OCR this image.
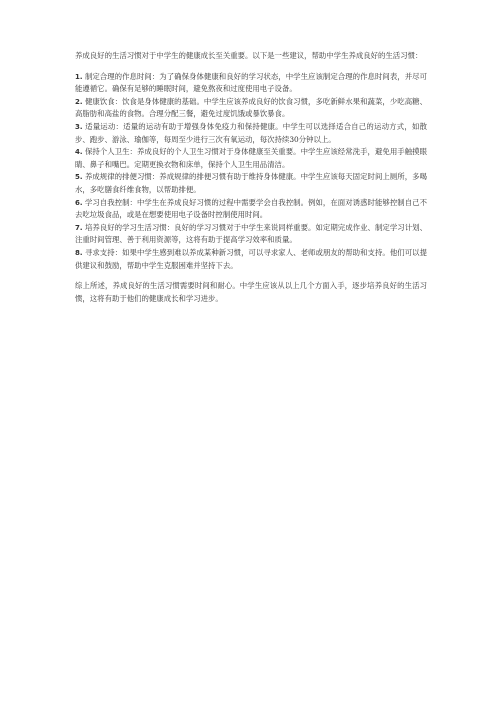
养成良好的生活习惯对于中学生的健康成长至关重要。以下是一些建议，帮助中学生养成良好的生活习惯：

1. 制定合理的作息时间：为了确保身体健康和良好的学习状态，中学生应该制定合理的作息时间表，并尽可能遵循它。确保有足够的睡眠时间，避免熬夜和过度使用电子设备。
2. 健康饮食：饮食是身体健康的基础。中学生应该养成良好的饮食习惯，多吃新鲜水果和蔬菜，少吃高糖、高脂肪和高盐的食物。合理分配三餐，避免过度饥饿或暴饮暴食。
3. 适量运动：适量的运动有助于增强身体免疫力和保持健康。中学生可以选择适合自己的运动方式，如散步、跑步、游泳、瑜伽等，每周至少进行三次有氧运动，每次持续30分钟以上。
4. 保持个人卫生：养成良好的个人卫生习惯对于身体健康至关重要。中学生应该经常洗手，避免用手触摸眼睛、鼻子和嘴巴。定期更换衣物和床单，保持个人卫生用品清洁。
5. 养成规律的排便习惯：养成规律的排便习惯有助于维持身体健康。中学生应该每天固定时间上厕所，多喝水，多吃膳食纤维食物，以帮助排便。
6. 学习自我控制：中学生在养成良好习惯的过程中需要学会自我控制。例如，在面对诱惑时能够控制自己不去吃垃圾食品，或是在想要使用电子设备时控制使用时间。
7. 培养良好的学习生活习惯：良好的学习习惯对于中学生来说同样重要。如定期完成作业、制定学习计划、注重时间管理、善于利用资源等，这将有助于提高学习效率和质量。
8. 寻求支持：如果中学生感到难以养成某种新习惯，可以寻求家人、老师或朋友的帮助和支持。他们可以提供建议和鼓励，帮助中学生克服困难并坚持下去。

综上所述，养成良好的生活习惯需要时间和耐心。中学生应该从以上几个方面入手，逐步培养良好的生活习惯，这将有助于他们的健康成长和学习进步。
